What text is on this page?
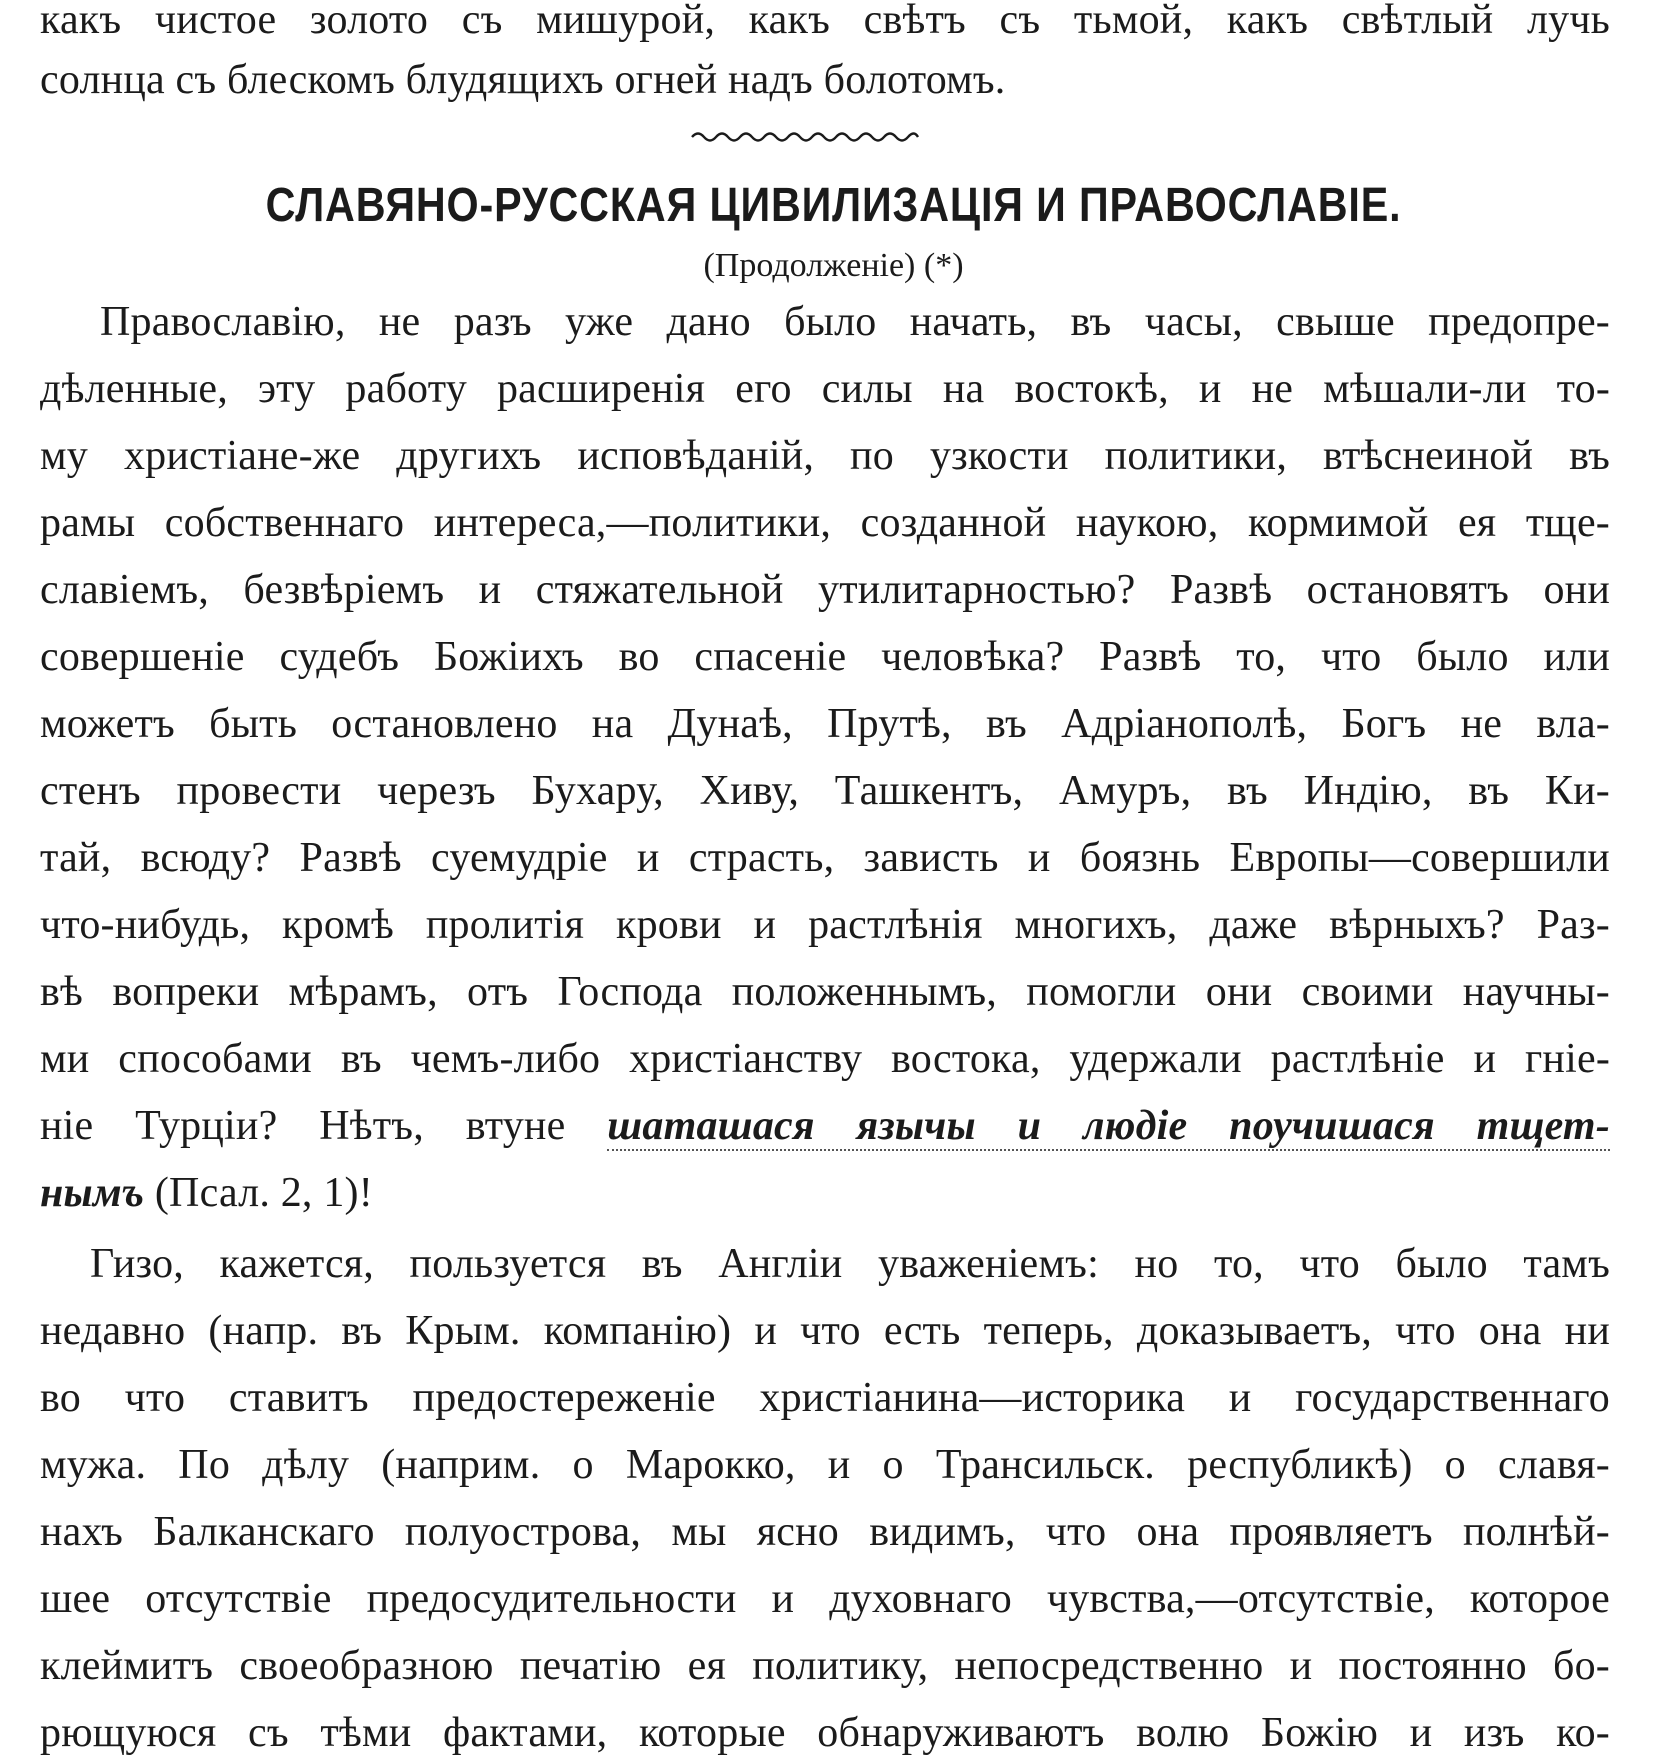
какъ чистое золото съ мишурой, какъ свѣтъ съ тьмой, какъ свѣтлый лучь
солнца съ блескомъ блудящихъ огней надъ болотомъ.
СЛАВЯНО-РУССКАЯ ЦИВИЛИЗАЦІЯ И ПРАВОСЛАВІЕ.
(Продолженіе) (*)
Православію, не разъ уже дано было начать, въ часы, свыше предопре-
дѣленные, эту работу расширенія его силы на востокѣ, и не мѣшали-ли то-
му христіане-же другихъ исповѣданій, по узкости политики, втѣснеиной въ
рамы собственнаго интереса,—политики, созданной наукою, кормимой ея тще-
славіемъ, безвѣріемъ и стяжательной утилитарностью? Развѣ остановятъ они
совершеніе судебъ Божіихъ во спасеніе человѣка? Развѣ то, что было или
можетъ быть остановлено на Дунаѣ, Прутѣ, въ Адріанополѣ, Богъ не вла-
стенъ провести черезъ Бухару, Хиву, Ташкентъ, Амуръ, въ Индію, въ Ки-
тай, всюду? Развѣ суемудріе и страсть, зависть и боязнь Европы—совершили
что-нибудь, кромѣ пролитія крови и растлѣнія многихъ, даже вѣрныхъ? Раз-
вѣ вопреки мѣрамъ, отъ Господа положеннымъ, помогли они своими научны-
ми способами въ чемъ-либо христіанству востока, удержали растлѣніе и гніе-
ніе Турціи? Нѣтъ, втуне шаташася язычы и людіе поучишася тщет-
нымъ (Псал. 2, 1)!
Гизо, кажется, пользуется въ Англіи уваженіемъ: но то, что было тамъ
недавно (напр. въ Крым. компанію) и что есть теперь, доказываетъ, что она ни
во что ставитъ предостереженіе христіанина—историка и государственнаго
мужа. По дѣлу (наприм. о Марокко, и о Трансильск. республикѣ) о славя-
нахъ Балканскаго полуострова, мы ясно видимъ, что она проявляетъ полнѣй-
шее отсутствіе предосудительности и духовнаго чувства,—отсутствіе, которое
клеймитъ своеобразною печатію ея политику, непосредственно и постоянно бо-
рющуюся съ тѣми фактами, которые обнаруживаютъ волю Божію и изъ ко-
